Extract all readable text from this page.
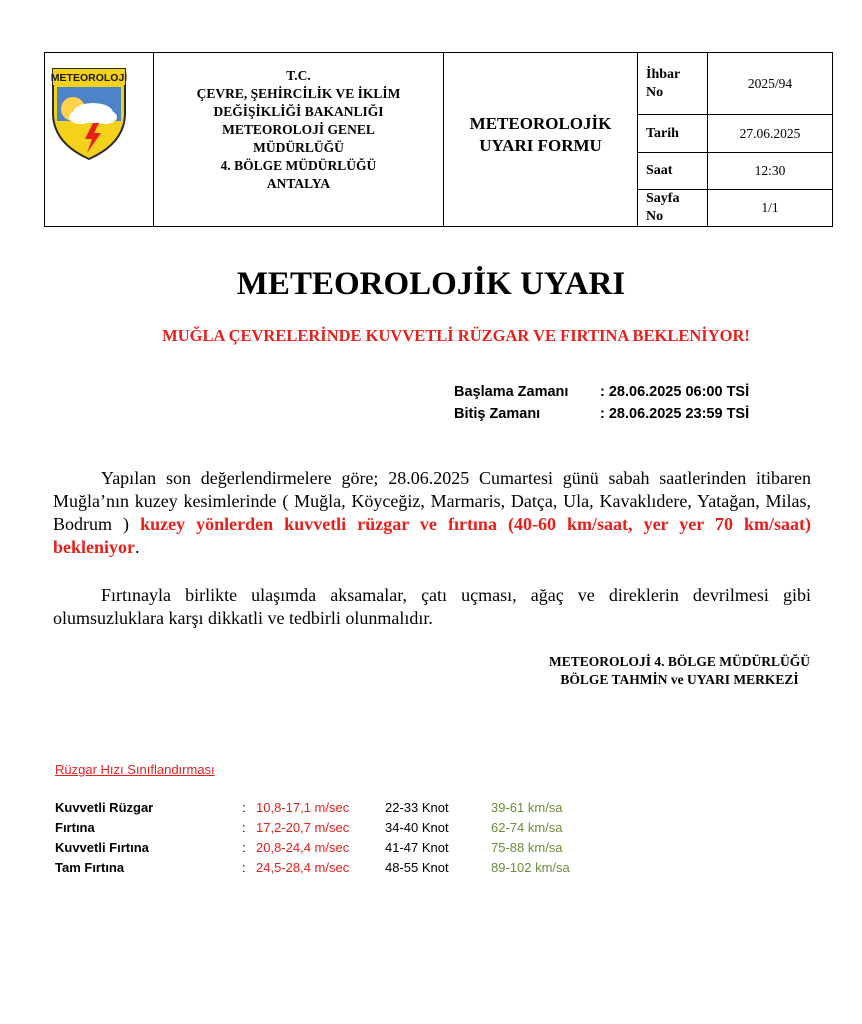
METEOROLOJİ	T.C.
ÇEVRE, ŞEHİRCİLİK VE İKLİM
DEĞİŞİKLİĞİ BAKANLIĞI
METEOROLOJİ GENEL
MÜDÜRLÜĞÜ
4. BÖLGE MÜDÜRLÜĞÜ
ANTALYA
METEOROLOJİK
UYARI FORMU
İhbar
No
2025/94
Tarih	27.06.2025
Saat	12:30
Sayfa
No
1/1
METEOROLOJİK UYARI
MUĞLA ÇEVRELERİNDE KUVVETLİ RÜZGAR VE FIRTINA BEKLENİYOR!
Başlama Zamanı : 28.06.2025 06:00 TSİ
Bitiş Zamanı	: 28.06.2025 23:59 TSİ
Yapılan son değerlendirmelere göre; 28.06.2025 Cumartesi günü sabah saatlerinden itibaren Muğla’nın kuzey kesimlerinde ( Muğla, Köyceğiz, Marmaris, Datça, Ula, Kavaklıdere, Yatağan, Milas, Bodrum ) kuzey yönlerden kuvvetli rüzgar ve fırtına (40-60 km/saat, yer yer 70 km/saat) bekleniyor.
Fırtınayla birlikte ulaşımda aksamalar, çatı uçması, ağaç ve direklerin devrilmesi gibi olumsuzluklara karşı dikkatli ve tedbirli olunmalıdır.
METEOROLOJİ 4. BÖLGE MÜDÜRLÜĞÜ
BÖLGE TAHMİN ve UYARI MERKEZİ
Rüzgar Hızı Sınıflandırması
Kuvvetli Rüzgar	: 10,8-17,1 m/sec	22-33 Knot	39-61 km/sa
Fırtına	: 17,2-20,7 m/sec	34-40 Knot	62-74 km/sa
Kuvvetli Fırtına	: 20,8-24,4 m/sec	41-47 Knot	75-88 km/sa
Tam Fırtına	: 24,5-28,4 m/sec	48-55 Knot	89-102 km/sa
